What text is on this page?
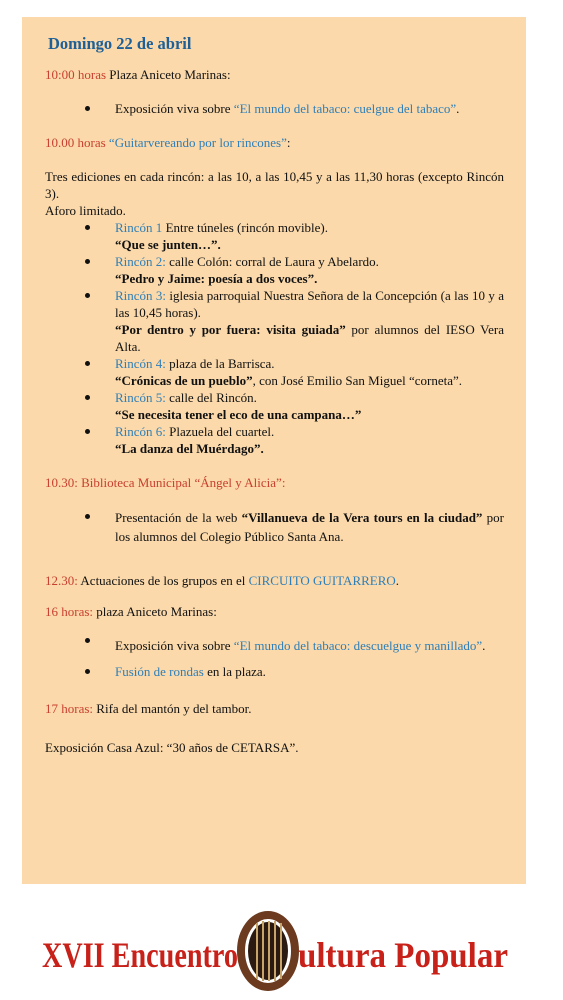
Domingo 22 de abril

10:00 horas Plaza Aniceto Marinas:

Exposición viva sobre “El mundo del tabaco: cuelgue del tabaco”.

10.00 horas “Guitarvereando por lor rincones”:

Tres ediciones en cada rincón: a las 10, a las 10,45 y a las 11,30 horas (excepto Rincón 3).

Aforo limitado.

Rincón 1 Entre túneles (rincón movible).
“Que se junten…”.
Rincón 2: calle Colón: corral de Laura y Abelardo.
“Pedro y Jaime: poesía a dos voces”.
Rincón 3: iglesia parroquial Nuestra Señora de la Concepción (a las 10 y a las 10,45 horas).
“Por dentro y por fuera: visita guiada” por alumnos del IESO Vera Alta.
Rincón 4: plaza de la Barrisca.
“Crónicas de un pueblo”, con José Emilio San Miguel “corneta”.
Rincón 5: calle del Rincón.
“Se necesita tener el eco de una campana…”
Rincón 6: Plazuela del cuartel.
“La danza del Muérdago”.

10.30: Biblioteca Municipal “Ángel y Alicia”:

Presentación de la web “Villanueva de la Vera tours en la ciudad” por los alumnos del Colegio Público Santa Ana.

12.30: Actuaciones de los grupos en el CIRCUITO GUITARRERO.

16 horas: plaza Aniceto Marinas:

Exposición viva sobre “El mundo del tabaco: descuelgue y manillado”.
Fusión de rondas en la plaza.

17 horas: Rifa del mantón y del tambor.

Exposición Casa Azul: “30 años de CETARSA”.

XVII Encuentro ultura Popular
